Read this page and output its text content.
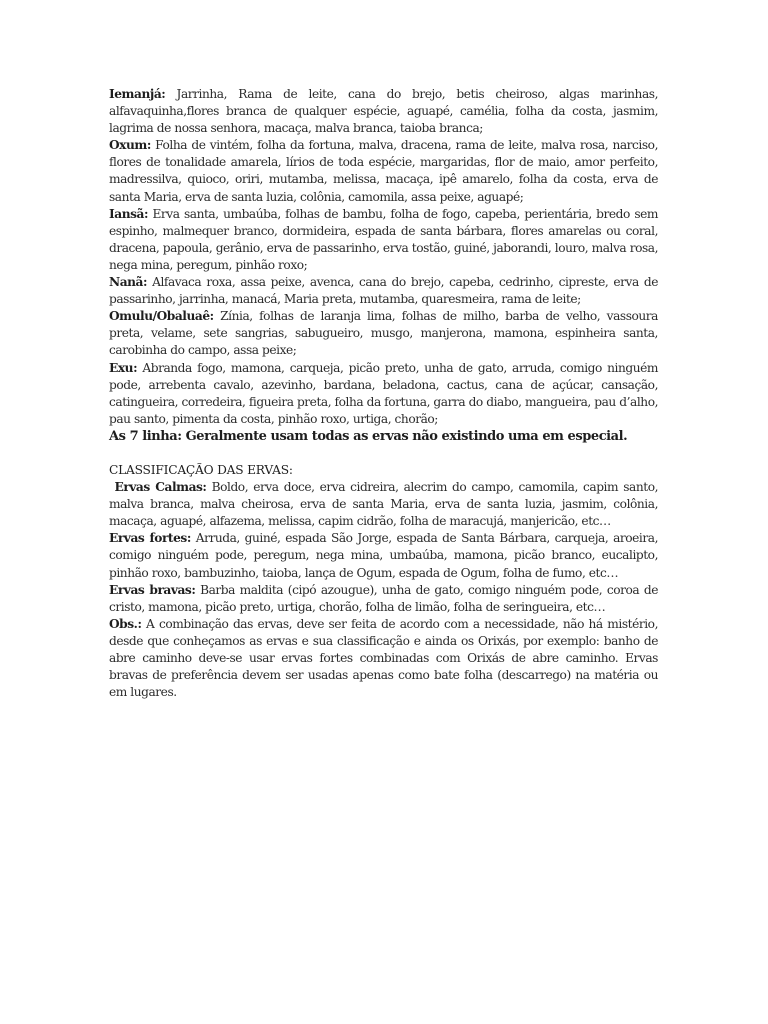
Iemanjá: Jarrinha, Rama de leite, cana do brejo, betis cheiroso, algas marinhas, alfavaquinha,flores branca de qualquer espécie, aguapé, camélia, folha da costa, jasmim, lagrima de nossa senhora, macaça, malva branca, taioba branca;

Oxum: Folha de vintém, folha da fortuna, malva, dracena, rama de leite, malva rosa, narciso, flores de tonalidade amarela, lírios de toda espécie, margaridas, flor de maio, amor perfeito, madressilva, quioco, oriri, mutamba, melissa, macaça, ipê amarelo, folha da costa, erva de santa Maria, erva de santa luzia, colônia, camomila, assa peixe, aguapé;

Iansã: Erva santa, umbaúba, folhas de bambu, folha de fogo, capeba, perientária, bredo sem espinho, malmequer branco, dormideira, espada de santa bárbara, flores amarelas ou coral, dracena, papoula, gerânio, erva de passarinho, erva tostão, guiné, jaborandi, louro, malva rosa, nega mina, peregum, pinhão roxo;

Nanã: Alfavaca roxa, assa peixe, avenca, cana do brejo, capeba, cedrinho, cipreste, erva de passarinho, jarrinha, manacá, Maria preta, mutamba, quaresmeira, rama de leite;

Omulu/Obaluaê: Zínia, folhas de laranja lima, folhas de milho, barba de velho, vassoura preta, velame, sete sangrias, sabugueiro, musgo, manjerona, mamona, espinheira santa, carobinha do campo, assa peixe;

Exu: Abranda fogo, mamona, carqueja, picão preto, unha de gato, arruda, comigo ninguém pode, arrebenta cavalo, azevinho, bardana, beladona, cactus, cana de açúcar, cansação, catingueira, corredeira, figueira preta, folha da fortuna, garra do diabo, mangueira, pau d’alho, pau santo, pimenta da costa, pinhão roxo, urtiga, chorão;

As 7 linha: Geralmente usam todas as ervas não existindo uma em especial.

CLASSIFICAÇÃO DAS ERVAS:

Ervas Calmas: Boldo, erva doce, erva cidreira, alecrim do campo, camomila, capim santo, malva branca, malva cheirosa, erva de santa Maria, erva de santa luzia, jasmim, colônia, macaça, aguapé, alfazema, melissa, capim cidrão, folha de maracujá, manjericão, etc…

Ervas fortes: Arruda, guiné, espada São Jorge, espada de Santa Bárbara, carqueja, aroeira, comigo ninguém pode, peregum, nega mina, umbaúba, mamona, picão branco, eucalipto, pinhão roxo, bambuzinho, taioba, lança de Ogum, espada de Ogum, folha de fumo, etc…

Ervas bravas: Barba maldita (cipó azougue), unha de gato, comigo ninguém pode, coroa de cristo, mamona, picão preto, urtiga, chorão, folha de limão, folha de seringueira, etc…

Obs.: A combinação das ervas, deve ser feita de acordo com a necessidade, não há mistério, desde que conheçamos as ervas e sua classificação e ainda os Orixás, por exemplo: banho de abre caminho deve-se usar ervas fortes combinadas com Orixás de abre caminho. Ervas bravas de preferência devem ser usadas apenas como bate folha (descarrego) na matéria ou em lugares.
